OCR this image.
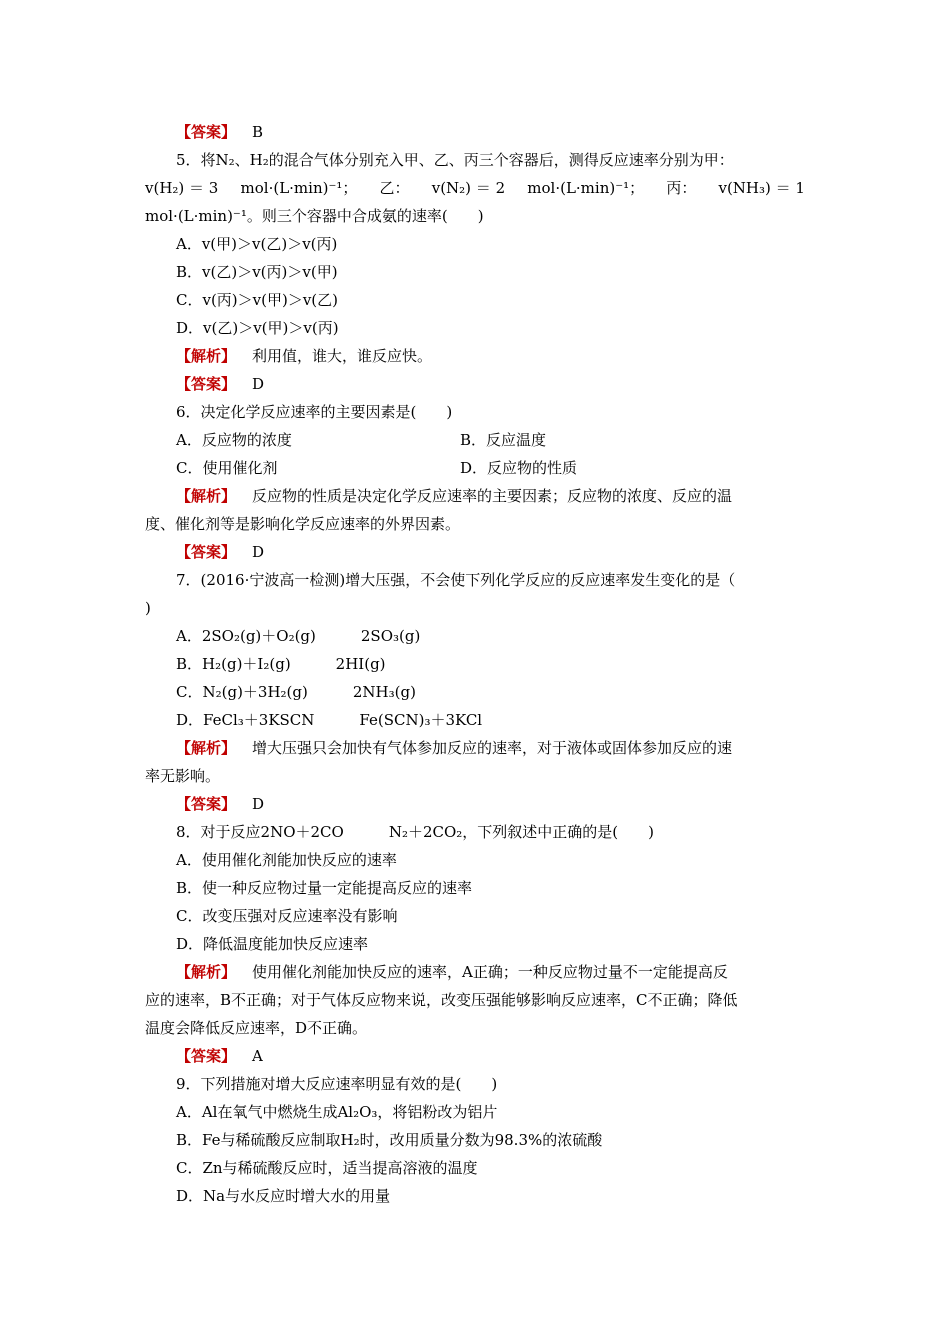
【答案】 B
5．将N₂、H₂的混合气体分别充入甲、乙、丙三个容器后，测得反应速率分别为甲：
v(H₂) ＝ 3 mol·(L·min)⁻¹； 乙： v(N₂) ＝ 2 mol·(L·min)⁻¹； 丙： v(NH₃) ＝ 1
mol·(L·min)⁻¹。则三个容器中合成氨的速率(　　)
A．v(甲)＞v(乙)＞v(丙)
B．v(乙)＞v(丙)＞v(甲)
C．v(丙)＞v(甲)＞v(乙)
D．v(乙)＞v(甲)＞v(丙)
【解析】 利用值，谁大，谁反应快。
【答案】 D
6．决定化学反应速率的主要因素是(　　)
A．反应物的浓度	B．反应温度
C．使用催化剂	D．反应物的性质
【解析】 反应物的性质是决定化学反应速率的主要因素；反应物的浓度、反应的温
度、催化剂等是影响化学反应速率的外界因素。
【答案】 D
7．(2016·宁波高一检测)增大压强，不会使下列化学反应的反应速率发生变化的是（
)
A．2SO₂(g)＋O₂(g)　　　2SO₃(g)
B．H₂(g)＋I₂(g)　　　2HI(g)
C．N₂(g)＋3H₂(g)　　　2NH₃(g)
D．FeCl₃＋3KSCN　　　Fe(SCN)₃＋3KCl
【解析】 增大压强只会加快有气体参加反应的速率，对于液体或固体参加反应的速
率无影响。
【答案】 D
8．对于反应2NO＋2CO　　　N₂＋2CO₂，下列叙述中正确的是(　　)
A．使用催化剂能加快反应的速率
B．使一种反应物过量一定能提高反应的速率
C．改变压强对反应速率没有影响
D．降低温度能加快反应速率
【解析】 使用催化剂能加快反应的速率，A正确；一种反应物过量不一定能提高反
应的速率，B不正确；对于气体反应物来说，改变压强能够影响反应速率，C不正确；降低
温度会降低反应速率，D不正确。
【答案】 A
9．下列措施对增大反应速率明显有效的是(　　)
A．Al在氧气中燃烧生成Al₂O₃，将铝粉改为铝片
B．Fe与稀硫酸反应制取H₂时，改用质量分数为98.3%的浓硫酸
C．Zn与稀硫酸反应时，适当提高溶液的温度
D．Na与水反应时增大水的用量
